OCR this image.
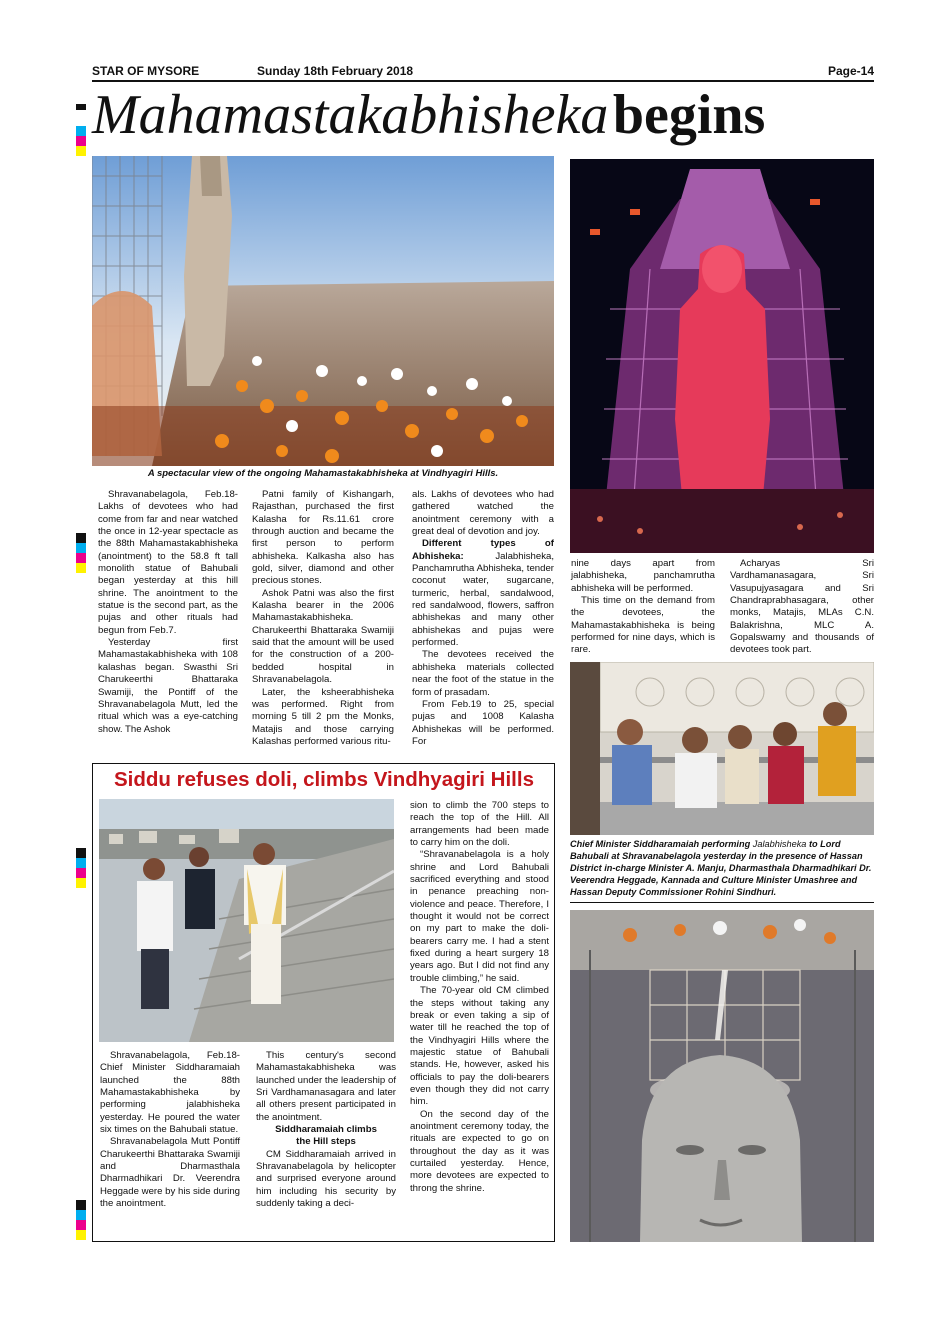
STAR OF MYSORE	Sunday 18th February 2018	Page-14
Mahamastakabhisheka begins
A spectacular view of the ongoing Mahamastakabhisheka at Vindhyagiri Hills.

Shravanabelagola, Feb.18- Lakhs of devotees who had come from far and near watched the once in 12-year spectacle as the 88th Mahamastakabhisheka (anointment) to the 58.8 ft tall monolith statue of Bahubali began yesterday at this hill shrine. The anointment to the statue is the second part, as the pujas and other rituals had begun from Feb.7.

Yesterday first Mahamastakabhisheka with 108 kalashas began. Swasthi Sri Charukeerthi Bhattaraka Swamiji, the Pontiff of the Shravanabelagola Mutt, led the ritual which was a eye-catching show. The Ashok

Patni family of Kishangarh, Rajasthan, purchased the first Kalasha for Rs.11.61 crore through auction and became the first person to perform abhisheka. Kalkasha also has gold, silver, diamond and other precious stones.

Ashok Patni was also the first Kalasha bearer in the 2006 Mahamastakabhisheka. Charukeerthi Bhattaraka Swamiji said that the amount will be used for the construction of a 200-bedded hospital in Shravanabelagola.

Later, the ksheerabhisheka was performed. Right from morning 5 till 2 pm the Monks, Matajis and those carrying Kalashas performed various ritu-

als. Lakhs of devotees who had gathered watched the anointment ceremony with a great deal of devotion and joy.

Different types of Abhisheka: Jalabhisheka, Panchamrutha Abhisheka, tender coconut water, sugarcane, turmeric, herbal, sandalwood, red sandalwood, flowers, saffron abhishekas and many other abhishekas and pujas were performed.

The devotees received the abhisheka materials collected near the foot of the statue in the form of prasadam.

From Feb.19 to 25, special pujas and 1008 Kalasha Abhishekas will be performed. For

nine days apart from jalabhisheka, panchamrutha abhisheka will be performed.

This time on the demand from the devotees, the Mahamastakabhisheka is being performed for nine days, which is rare.

Acharyas Sri Vardhamanasagara, Sri Vasupujyasagara and Sri Chandraprabhasagara, other monks, Matajis, MLAs C.N. Balakrishna, MLC A. Gopalswamy and thousands of devotees took part.

Chief Minister Siddharamaiah performing Jalabhisheka to Lord Bahubali at Shravanabelagola yesterday in the presence of Hassan District in-charge Minister A. Manju, Dharmasthala Dharmadhikari Dr. Veerendra Heggade, Kannada and Culture Minister Umashree and Hassan Deputy Commissioner Rohini Sindhuri.
Siddu refuses doli, climbs Vindhyagiri Hills

Shravanabelagola, Feb.18- Chief Minister Siddharamaiah launched the 88th Mahamastakabhisheka by performing jalabhisheka yesterday. He poured the water six times on the Bahubali statue.

Shravanabelagola Mutt Pontiff Charukeerthi Bhattaraka Swamiji and Dharmasthala Dharmadhikari Dr. Veerendra Heggade were by his side during the anointment.

This century's second Mahamastakabhisheka was launched under the leadership of Sri Vardhamanasagara and later all others present participated in the anointment.

Siddharamaiah climbs

the Hill steps

CM Siddharamaiah arrived in Shravanabelagola by helicopter and surprised everyone around him including his security by suddenly taking a deci-

sion to climb the 700 steps to reach the top of the Hill. All arrangements had been made to carry him on the doli.

“Shravanabelagola is a holy shrine and Lord Bahubali sacrificed everything and stood in penance preaching non-violence and peace. Therefore, I thought it would not be correct on my part to make the doli-bearers carry me. I had a stent fixed during a heart surgery 18 years ago. But I did not find any trouble climbing,” he said.

The 70-year old CM climbed the steps without taking any break or even taking a sip of water till he reached the top of the Vindhyagiri Hills where the majestic statue of Bahubali stands. He, however, asked his officials to pay the doli-bearers even though they did not carry him.

On the second day of the anointment ceremony today, the rituals are expected to go on throughout the day as it was curtailed yesterday. Hence, more devotees are expected to throng the shrine.
